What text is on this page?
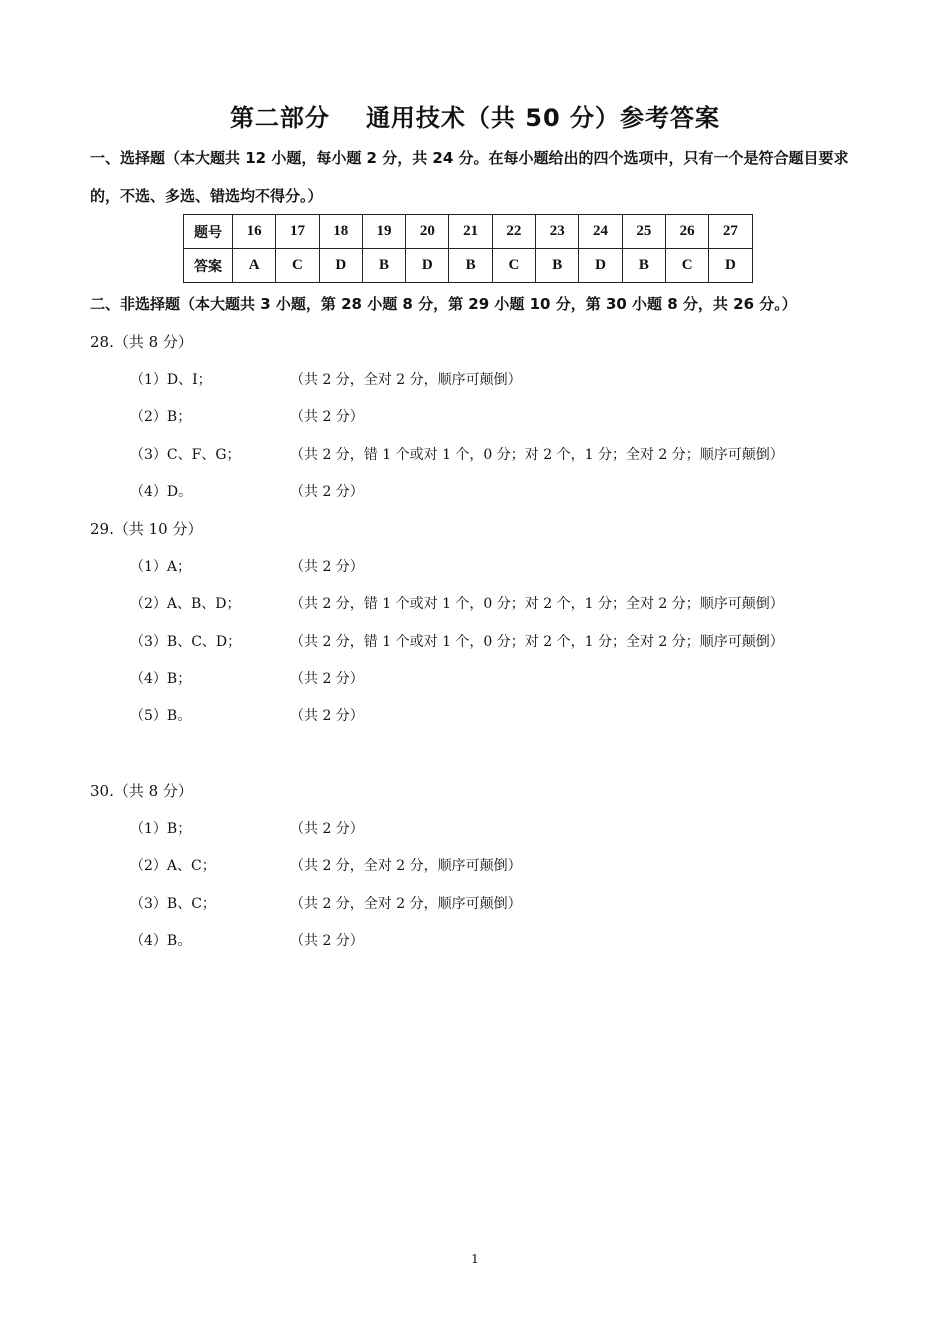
第二部分 通用技术（共 50 分）参考答案
一、选择题（本大题共 12 小题，每小题 2 分，共 24 分。在每小题给出的四个选项中，只有一个是符合题目要求的，不选、多选、错选均不得分。）
题号	16	17	18	19	20	21	22	23	24	25	26	27
答案	A	C	D	B	D	B	C	B	D	B	C	D
二、非选择题（本大题共 3 小题，第 28 小题 8 分，第 29 小题 10 分，第 30 小题 8 分，共 26 分。）
28.（共 8 分）
（1）D、I；	（共 2 分，全对 2 分，顺序可颠倒）
（2）B；	（共 2 分）
（3）C、F、G；	（共 2 分，错 1 个或对 1 个，0 分；对 2 个，1 分；全对 2 分；顺序可颠倒）
（4）D。	（共 2 分）
29.（共 10 分）
（1）A；	（共 2 分）
（2）A、B、D；	（共 2 分，错 1 个或对 1 个，0 分；对 2 个，1 分；全对 2 分；顺序可颠倒）
（3）B、C、D；	（共 2 分，错 1 个或对 1 个，0 分；对 2 个，1 分；全对 2 分；顺序可颠倒）
（4）B；	（共 2 分）
（5）B。	（共 2 分）
30.（共 8 分）
（1）B；	（共 2 分）
（2）A、C；	（共 2 分，全对 2 分，顺序可颠倒）
（3）B、C；	（共 2 分，全对 2 分，顺序可颠倒）
（4）B。	（共 2 分）
1
